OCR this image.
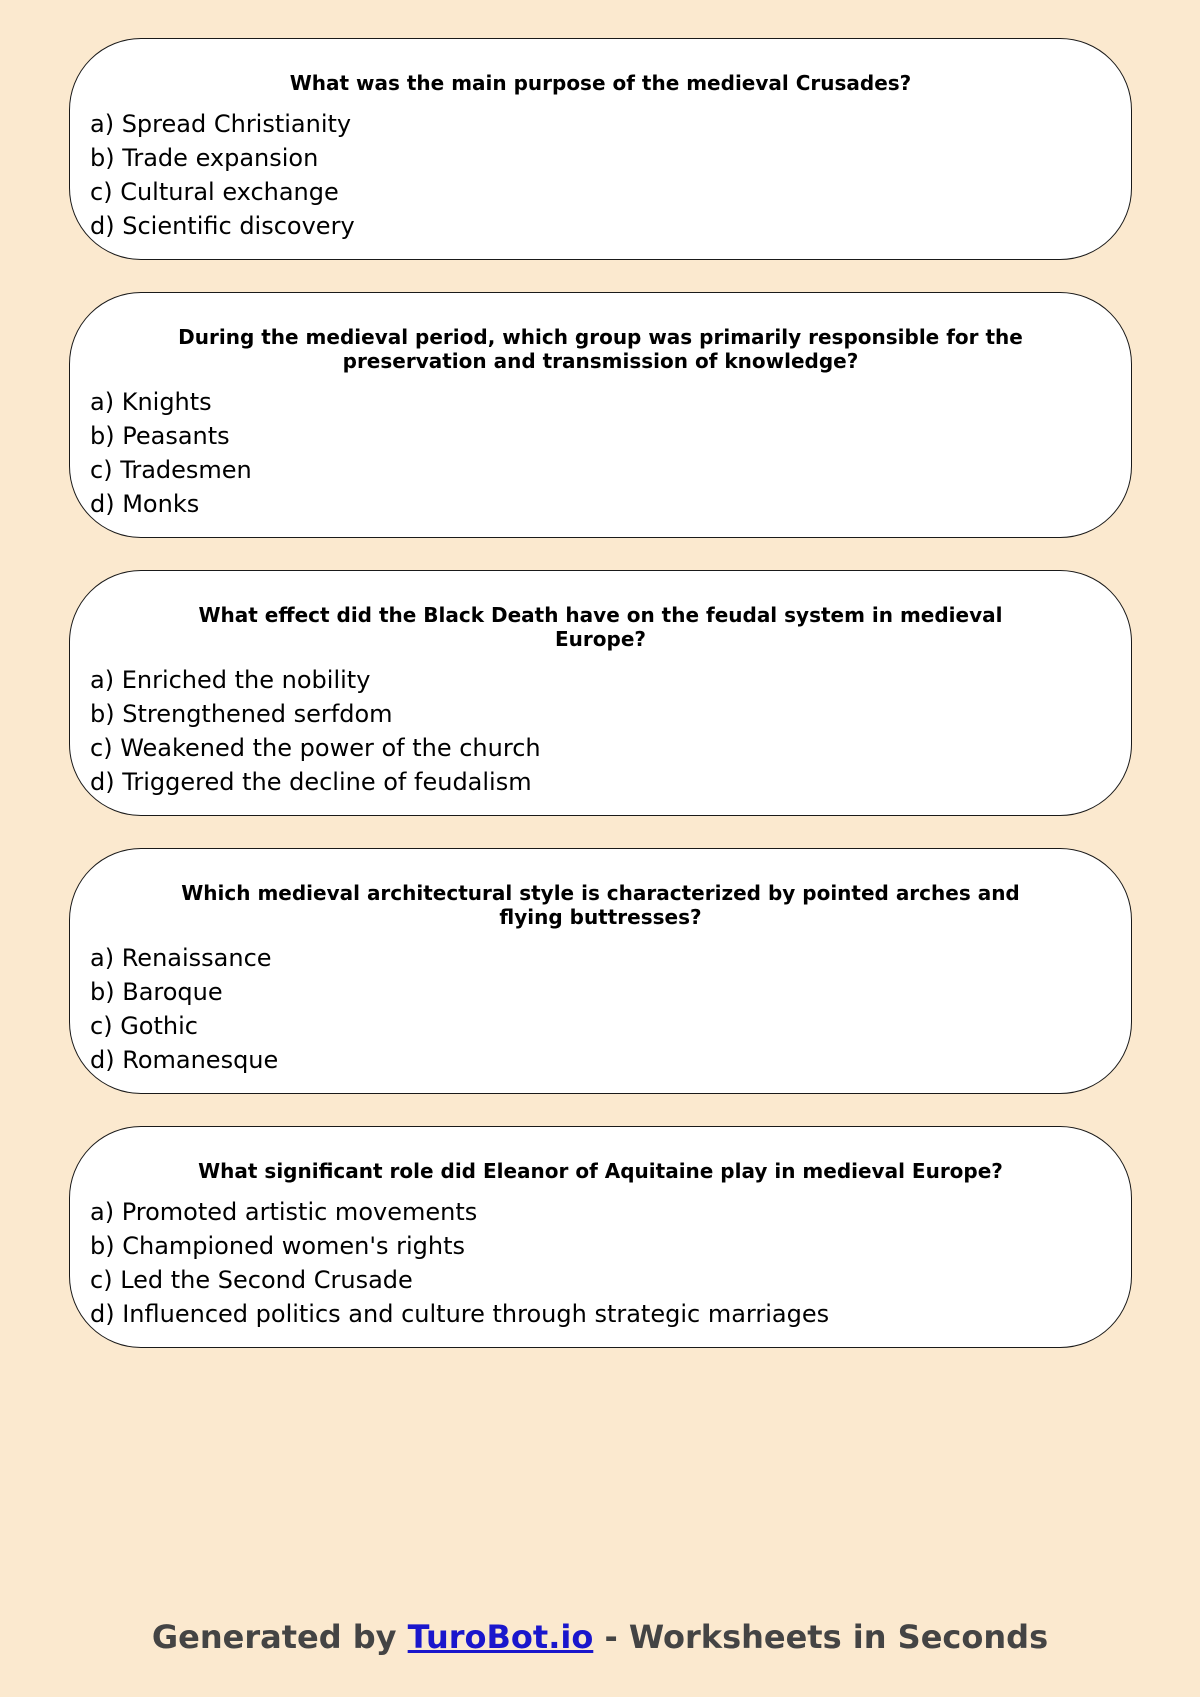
What was the main purpose of the medieval Crusades?

a) Spread Christianity
b) Trade expansion
c) Cultural exchange
d) Scientific discovery

During the medieval period, which group was primarily responsible for the preservation and transmission of knowledge?

a) Knights
b) Peasants
c) Tradesmen
d) Monks

What effect did the Black Death have on the feudal system in medieval Europe?

a) Enriched the nobility
b) Strengthened serfdom
c) Weakened the power of the church
d) Triggered the decline of feudalism

Which medieval architectural style is characterized by pointed arches and flying buttresses?

a) Renaissance
b) Baroque
c) Gothic
d) Romanesque

What significant role did Eleanor of Aquitaine play in medieval Europe?

a) Promoted artistic movements
b) Championed women's rights
c) Led the Second Crusade
d) Influenced politics and culture through strategic marriages
Generated by TuroBot.io - Worksheets in Seconds
